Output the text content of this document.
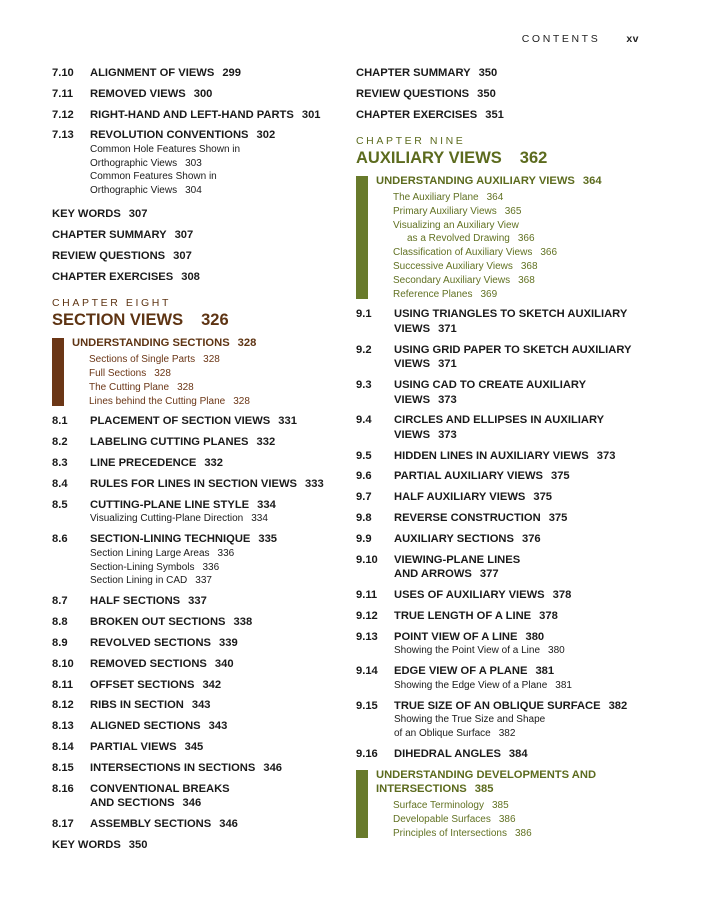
CONTENTS xv
7.10	ALIGNMENT OF VIEWS 299
7.11	REMOVED VIEWS 300
7.12	RIGHT-HAND AND LEFT-HAND PARTS 301
7.13	REVOLUTION CONVENTIONS 302
Common Hole Features Shown in
Orthographic Views 303
Common Features Shown in
Orthographic Views 304
KEY WORDS 307
CHAPTER SUMMARY 307
REVIEW QUESTIONS 307
CHAPTER EXERCISES 308
CHAPTER EIGHT
SECTION VIEWS 326
UNDERSTANDING SECTIONS 328
Sections of Single Parts 328
Full Sections 328
The Cutting Plane 328
Lines behind the Cutting Plane 328
8.1	PLACEMENT OF SECTION VIEWS 331
8.2	LABELING CUTTING PLANES 332
8.3	LINE PRECEDENCE 332
8.4	RULES FOR LINES IN SECTION VIEWS 333
8.5	CUTTING-PLANE LINE STYLE 334
Visualizing Cutting-Plane Direction 334
8.6	SECTION-LINING TECHNIQUE 335
Section Lining Large Areas 336
Section-Lining Symbols 336
Section Lining in CAD 337
8.7	HALF SECTIONS 337
8.8	BROKEN OUT SECTIONS 338
8.9	REVOLVED SECTIONS 339
8.10	REMOVED SECTIONS 340
8.11	OFFSET SECTIONS 342
8.12	RIBS IN SECTION 343
8.13	ALIGNED SECTIONS 343
8.14	PARTIAL VIEWS 345
8.15	INTERSECTIONS IN SECTIONS 346
8.16	CONVENTIONAL BREAKS
AND SECTIONS 346
8.17	ASSEMBLY SECTIONS 346
KEY WORDS 350
CHAPTER SUMMARY 350
REVIEW QUESTIONS 350
CHAPTER EXERCISES 351
CHAPTER NINE
AUXILIARY VIEWS 362
UNDERSTANDING AUXILIARY VIEWS 364
The Auxiliary Plane 364
Primary Auxiliary Views 365
Visualizing an Auxiliary View
as a Revolved Drawing 366
Classification of Auxiliary Views 366
Successive Auxiliary Views 368
Secondary Auxiliary Views 368
Reference Planes 369
9.1	USING TRIANGLES TO SKETCH AUXILIARY
VIEWS 371
9.2	USING GRID PAPER TO SKETCH AUXILIARY
VIEWS 371
9.3	USING CAD TO CREATE AUXILIARY
VIEWS 373
9.4	CIRCLES AND ELLIPSES IN AUXILIARY
VIEWS 373
9.5	HIDDEN LINES IN AUXILIARY VIEWS 373
9.6	PARTIAL AUXILIARY VIEWS 375
9.7	HALF AUXILIARY VIEWS 375
9.8	REVERSE CONSTRUCTION 375
9.9	AUXILIARY SECTIONS 376
9.10	VIEWING-PLANE LINES
AND ARROWS 377
9.11	USES OF AUXILIARY VIEWS 378
9.12	TRUE LENGTH OF A LINE 378
9.13	POINT VIEW OF A LINE 380
Showing the Point View of a Line 380
9.14	EDGE VIEW OF A PLANE 381
Showing the Edge View of a Plane 381
9.15	TRUE SIZE OF AN OBLIQUE SURFACE 382
Showing the True Size and Shape
of an Oblique Surface 382
9.16	DIHEDRAL ANGLES 384
UNDERSTANDING DEVELOPMENTS AND
INTERSECTIONS 385
Surface Terminology 385
Developable Surfaces 386
Principles of Intersections 386
